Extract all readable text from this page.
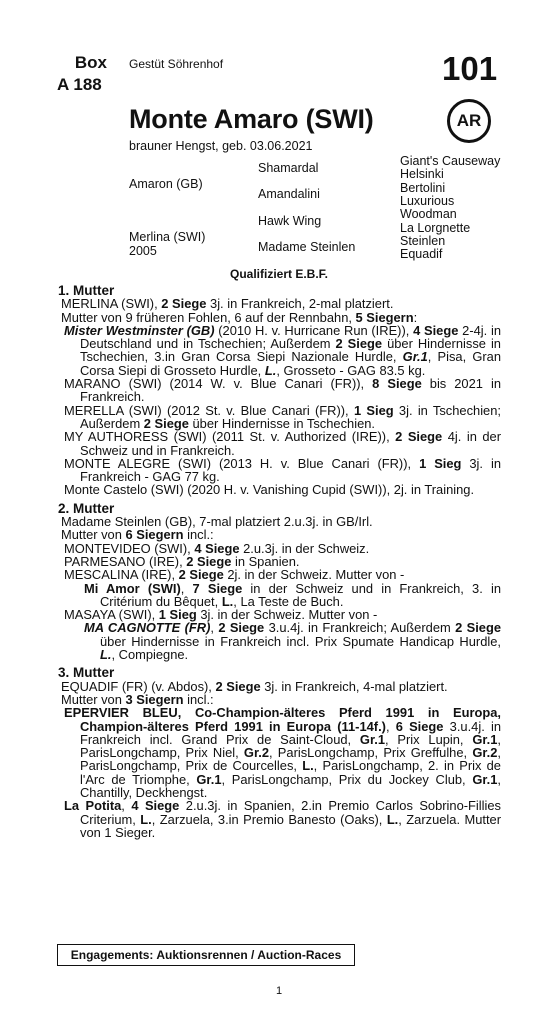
Box
A 188
Gestüt Söhrenhof	101
AR
Monte Amaro (SWI)
brauner Hengst, geb. 03.06.2021
Amaron (GB)
Merlina (SWI)
2005
Shamardal
Amandalini
Hawk Wing
Madame Steinlen
Giant's Causeway
Helsinki
Bertolini
Luxurious
Woodman
La Lorgnette
Steinlen
Equadif
Qualifiziert E.B.F.
1. Mutter
MERLINA (SWI), 2 Siege 3j. in Frankreich, 2-mal platziert.
Mutter von 9 früheren Fohlen, 6 auf der Rennbahn, 5 Siegern:
Mister Westminster (GB) (2010 H. v. Hurricane Run (IRE)), 4 Siege 2-4j. in Deutschland und in Tschechien; Außerdem 2 Siege über Hindernisse in Tschechien, 3.in Gran Corsa Siepi Nazionale Hurdle, Gr.1, Pisa, Gran Corsa Siepi di Grosseto Hurdle, L., Grosseto - GAG 83.5 kg.
MARANO (SWI) (2014 W. v. Blue Canari (FR)), 8 Siege bis 2021 in Frankreich.
MERELLA (SWI) (2012 St. v. Blue Canari (FR)), 1 Sieg 3j. in Tschechien; Außerdem 2 Siege über Hindernisse in Tschechien.
MY AUTHORESS (SWI) (2011 St. v. Authorized (IRE)), 2 Siege 4j. in der Schweiz und in Frankreich.
MONTE ALEGRE (SWI) (2013 H. v. Blue Canari (FR)), 1 Sieg 3j. in Frankreich - GAG 77 kg.
Monte Castelo (SWI) (2020 H. v. Vanishing Cupid (SWI)), 2j. in Training.
2. Mutter
Madame Steinlen (GB), 7-mal platziert 2.u.3j. in GB/Irl.
Mutter von 6 Siegern incl.:
MONTEVIDEO (SWI), 4 Siege 2.u.3j. in der Schweiz.
PARMESANO (IRE), 2 Siege in Spanien.
MESCALINA (IRE), 2 Siege 2j. in der Schweiz. Mutter von -
Mi Amor (SWI), 7 Siege in der Schweiz und in Frankreich, 3. in Critérium du Bêquet, L., La Teste de Buch.
MASAYA (SWI), 1 Sieg 3j. in der Schweiz. Mutter von -
MA CAGNOTTE (FR), 2 Siege 3.u.4j. in Frankreich; Außerdem 2 Siege über Hindernisse in Frankreich incl. Prix Spumate Handicap Hurdle, L., Compiegne.
3. Mutter
EQUADIF (FR) (v. Abdos), 2 Siege 3j. in Frankreich, 4-mal platziert.
Mutter von 3 Siegern incl.:
EPERVIER BLEU, Co-Champion-älteres Pferd 1991 in Europa, Champion-älteres Pferd 1991 in Europa (11-14f.), 6 Siege 3.u.4j. in Frankreich incl. Grand Prix de Saint-Cloud, Gr.1, Prix Lupin, Gr.1, ParisLongchamp, Prix Niel, Gr.2, ParisLongchamp, Prix Greffulhe, Gr.2, ParisLongchamp, Prix de Courcelles, L., ParisLongchamp, 2. in Prix de l'Arc de Triomphe, Gr.1, ParisLongchamp, Prix du Jockey Club, Gr.1, Chantilly, Deckhengst.
La Potita, 4 Siege 2.u.3j. in Spanien, 2.in Premio Carlos Sobrino-Fillies Criterium, L., Zarzuela, 3.in Premio Banesto (Oaks), L., Zarzuela. Mutter von 1 Sieger.
Engagements: Auktionsrennen / Auction-Races
1
